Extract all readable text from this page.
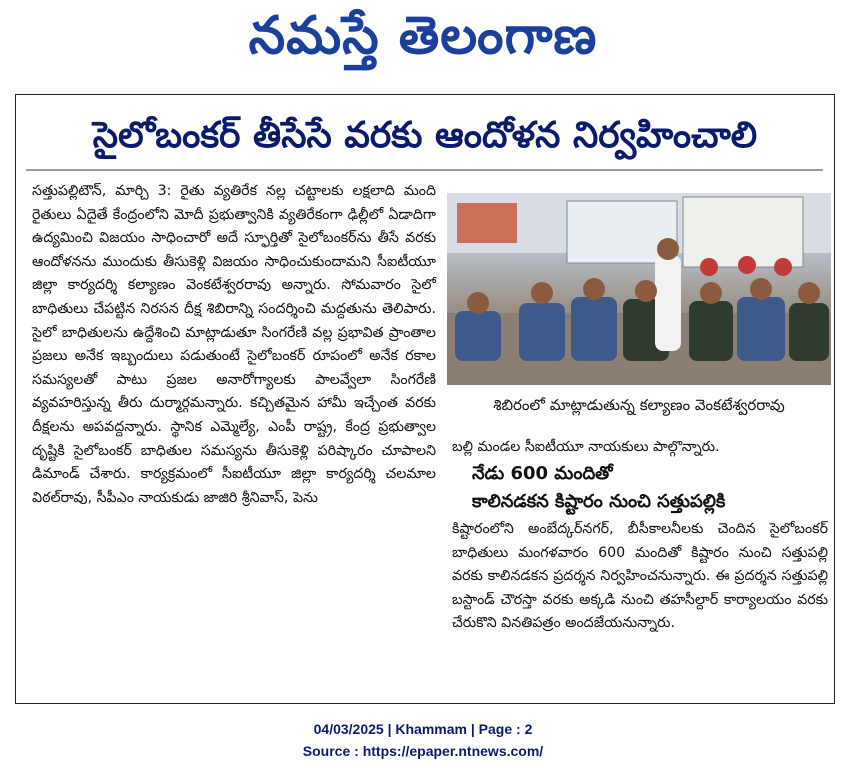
నమస్తే తెలంగాణ
సైలోబంకర్ తీసేసే వరకు ఆందోళన నిర్వహించాలి
సత్తుపల్లిటౌన్, మార్చి 3: రైతు వ్యతిరేక నల్ల చట్టాలకు లక్షలాది మంది రైతులు ఏదైతే కేంద్రంలోని మోదీ ప్రభుత్వానికి వ్యతిరేకంగా ఢిల్లీలో ఏడాదిగా ఉద్యమించి విజయం సాధించారో అదే స్ఫూర్తితో సైలోబంకర్‌ను తీసే వరకు ఆందోళనను ముందుకు తీసుకెళ్లి విజయం సాధించుకుందామని సీఐటీయూ జిల్లా కార్యదర్శి కల్యాణం వెంకటేశ్వరరావు అన్నారు. సోమవారం సైలో బాధితులు చేపట్టిన నిరసన దీక్ష శిబిరాన్ని సందర్శించి మద్దతును తెలిపారు. సైలో బాధితులను ఉద్దేశించి మాట్లాడుతూ సింగరేణి వల్ల ప్రభావిత ప్రాంతాల ప్రజలు అనేక ఇబ్బందులు పడుతుంటే సైలోబంకర్ రూపంలో అనేక రకాల సమస్యలతో పాటు ప్రజల అనారోగ్యాలకు పాలవ్వేలా సింగరేణి వ్యవహరిస్తున్న తీరు దుర్మార్గమన్నారు. కచ్చితమైన హామీ ఇచ్చేంత వరకు దీక్షలను అపవద్దన్నారు. స్థానిక ఎమ్మెల్యే, ఎంపీ రాష్ట్ర, కేంద్ర ప్రభుత్వాల దృష్టికి సైలోబంకర్ బాధితుల సమస్యను తీసుకెళ్లి పరిష్కారం చూపాలని డిమాండ్ చేశారు. కార్యక్రమంలో సీఐటీయూ జిల్లా కార్యదర్శి చలమాల విఠల్‌రావు, సీపీఎం నాయకుడు జాజిరి శ్రీనివాస్, పెను
శిబిరంలో మాట్లాడుతున్న కల్యాణం వెంకటేశ్వరరావు
బల్లి మండల సీఐటీయూ నాయకులు పాల్గొన్నారు.
కిష్టారంలోని అంబేద్కర్‌నగర్, బీసీకాలనీలకు చెందిన సైలోబంకర్ బాధితులు మంగళవారం 600 మందితో కిష్టారం నుంచి సత్తుపల్లి వరకు కాలినడకన ప్రదర్శన నిర్వహించనున్నారు. ఈ ప్రదర్శన సత్తుపల్లి బస్టాండ్ చౌరస్తా వరకు అక్కడి నుంచి తహసీల్దార్ కార్యాలయం వరకు చేరుకొని వినతిపత్రం అందజేయనున్నారు.
నేడు 600 మందితో
కాలినడకన కిష్టారం నుంచి సత్తుపల్లికి
04/03/2025 | Khammam | Page : 2
Source : https://epaper.ntnews.com/
